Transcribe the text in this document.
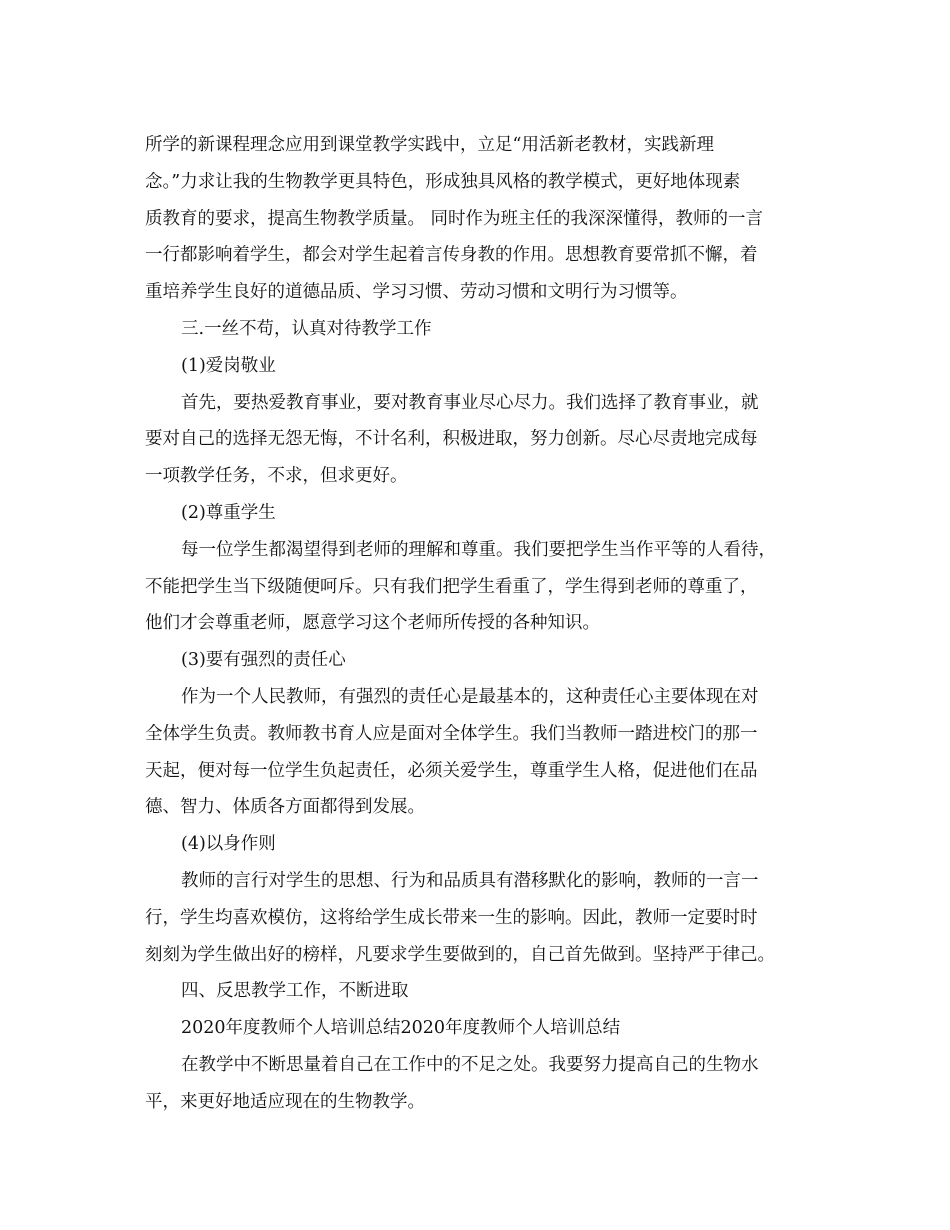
所学的新课程理念应用到课堂教学实践中，立足“用活新老教材，实践新理
念。”力求让我的生物教学更具特色，形成独具风格的教学模式，更好地体现素
质教育的要求，提高生物教学质量。 同时作为班主任的我深深懂得，教师的一言
一行都影响着学生，都会对学生起着言传身教的作用。思想教育要常抓不懈，着
重培养学生良好的道德品质、学习习惯、劳动习惯和文明行为习惯等。
三.一丝不苟，认真对待教学工作
(1)爱岗敬业
首先，要热爱教育事业，要对教育事业尽心尽力。我们选择了教育事业，就
要对自己的选择无怨无悔，不计名利，积极进取，努力创新。尽心尽责地完成每
一项教学任务，不求，但求更好。
(2)尊重学生
每一位学生都渴望得到老师的理解和尊重。我们要把学生当作平等的人看待，
不能把学生当下级随便呵斥。只有我们把学生看重了，学生得到老师的尊重了，
他们才会尊重老师，愿意学习这个老师所传授的各种知识。
(3)要有强烈的责任心
作为一个人民教师，有强烈的责任心是最基本的，这种责任心主要体现在对
全体学生负责。教师教书育人应是面对全体学生。我们当教师一踏进校门的那一
天起，便对每一位学生负起责任，必须关爱学生，尊重学生人格，促进他们在品
德、智力、体质各方面都得到发展。
(4)以身作则
教师的言行对学生的思想、行为和品质具有潜移默化的影响，教师的一言一
行，学生均喜欢模仿，这将给学生成长带来一生的影响。因此，教师一定要时时
刻刻为学生做出好的榜样，凡要求学生要做到的，自己首先做到。坚持严于律己。
四、反思教学工作，不断进取
2020年度教师个人培训总结2020年度教师个人培训总结
在教学中不断思量着自己在工作中的不足之处。我要努力提高自己的生物水
平，来更好地适应现在的生物教学。
